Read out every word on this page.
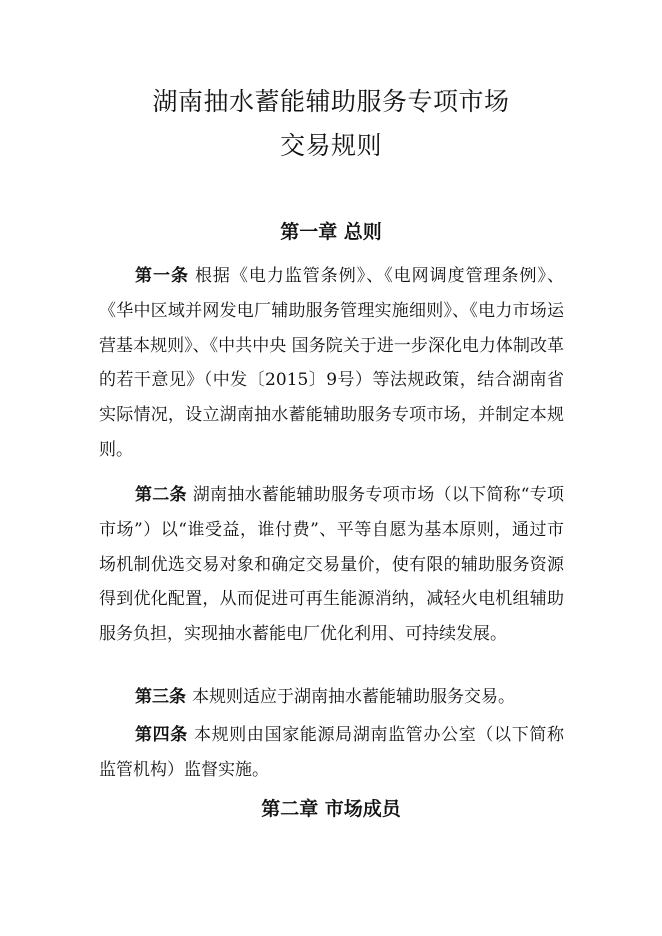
湖南抽水蓄能辅助服务专项市场
交易规则
第一章 总则

第一条 根据《电力监管条例》、《电网调度管理条例》、《华中区域并网发电厂辅助服务管理实施细则》、《电力市场运营基本规则》、《中共中央 国务院关于进一步深化电力体制改革的若干意见》（中发〔2015〕9号）等法规政策，结合湖南省实际情况，设立湖南抽水蓄能辅助服务专项市场，并制定本规则。

第二条 湖南抽水蓄能辅助服务专项市场（以下简称“专项市场”）以“谁受益，谁付费”、平等自愿为基本原则，通过市场机制优选交易对象和确定交易量价，使有限的辅助服务资源得到优化配置，从而促进可再生能源消纳，减轻火电机组辅助服务负担，实现抽水蓄能电厂优化利用、可持续发展。

第三条 本规则适应于湖南抽水蓄能辅助服务交易。

第四条 本规则由国家能源局湖南监管办公室（以下简称监管机构）监督实施。

第二章 市场成员
